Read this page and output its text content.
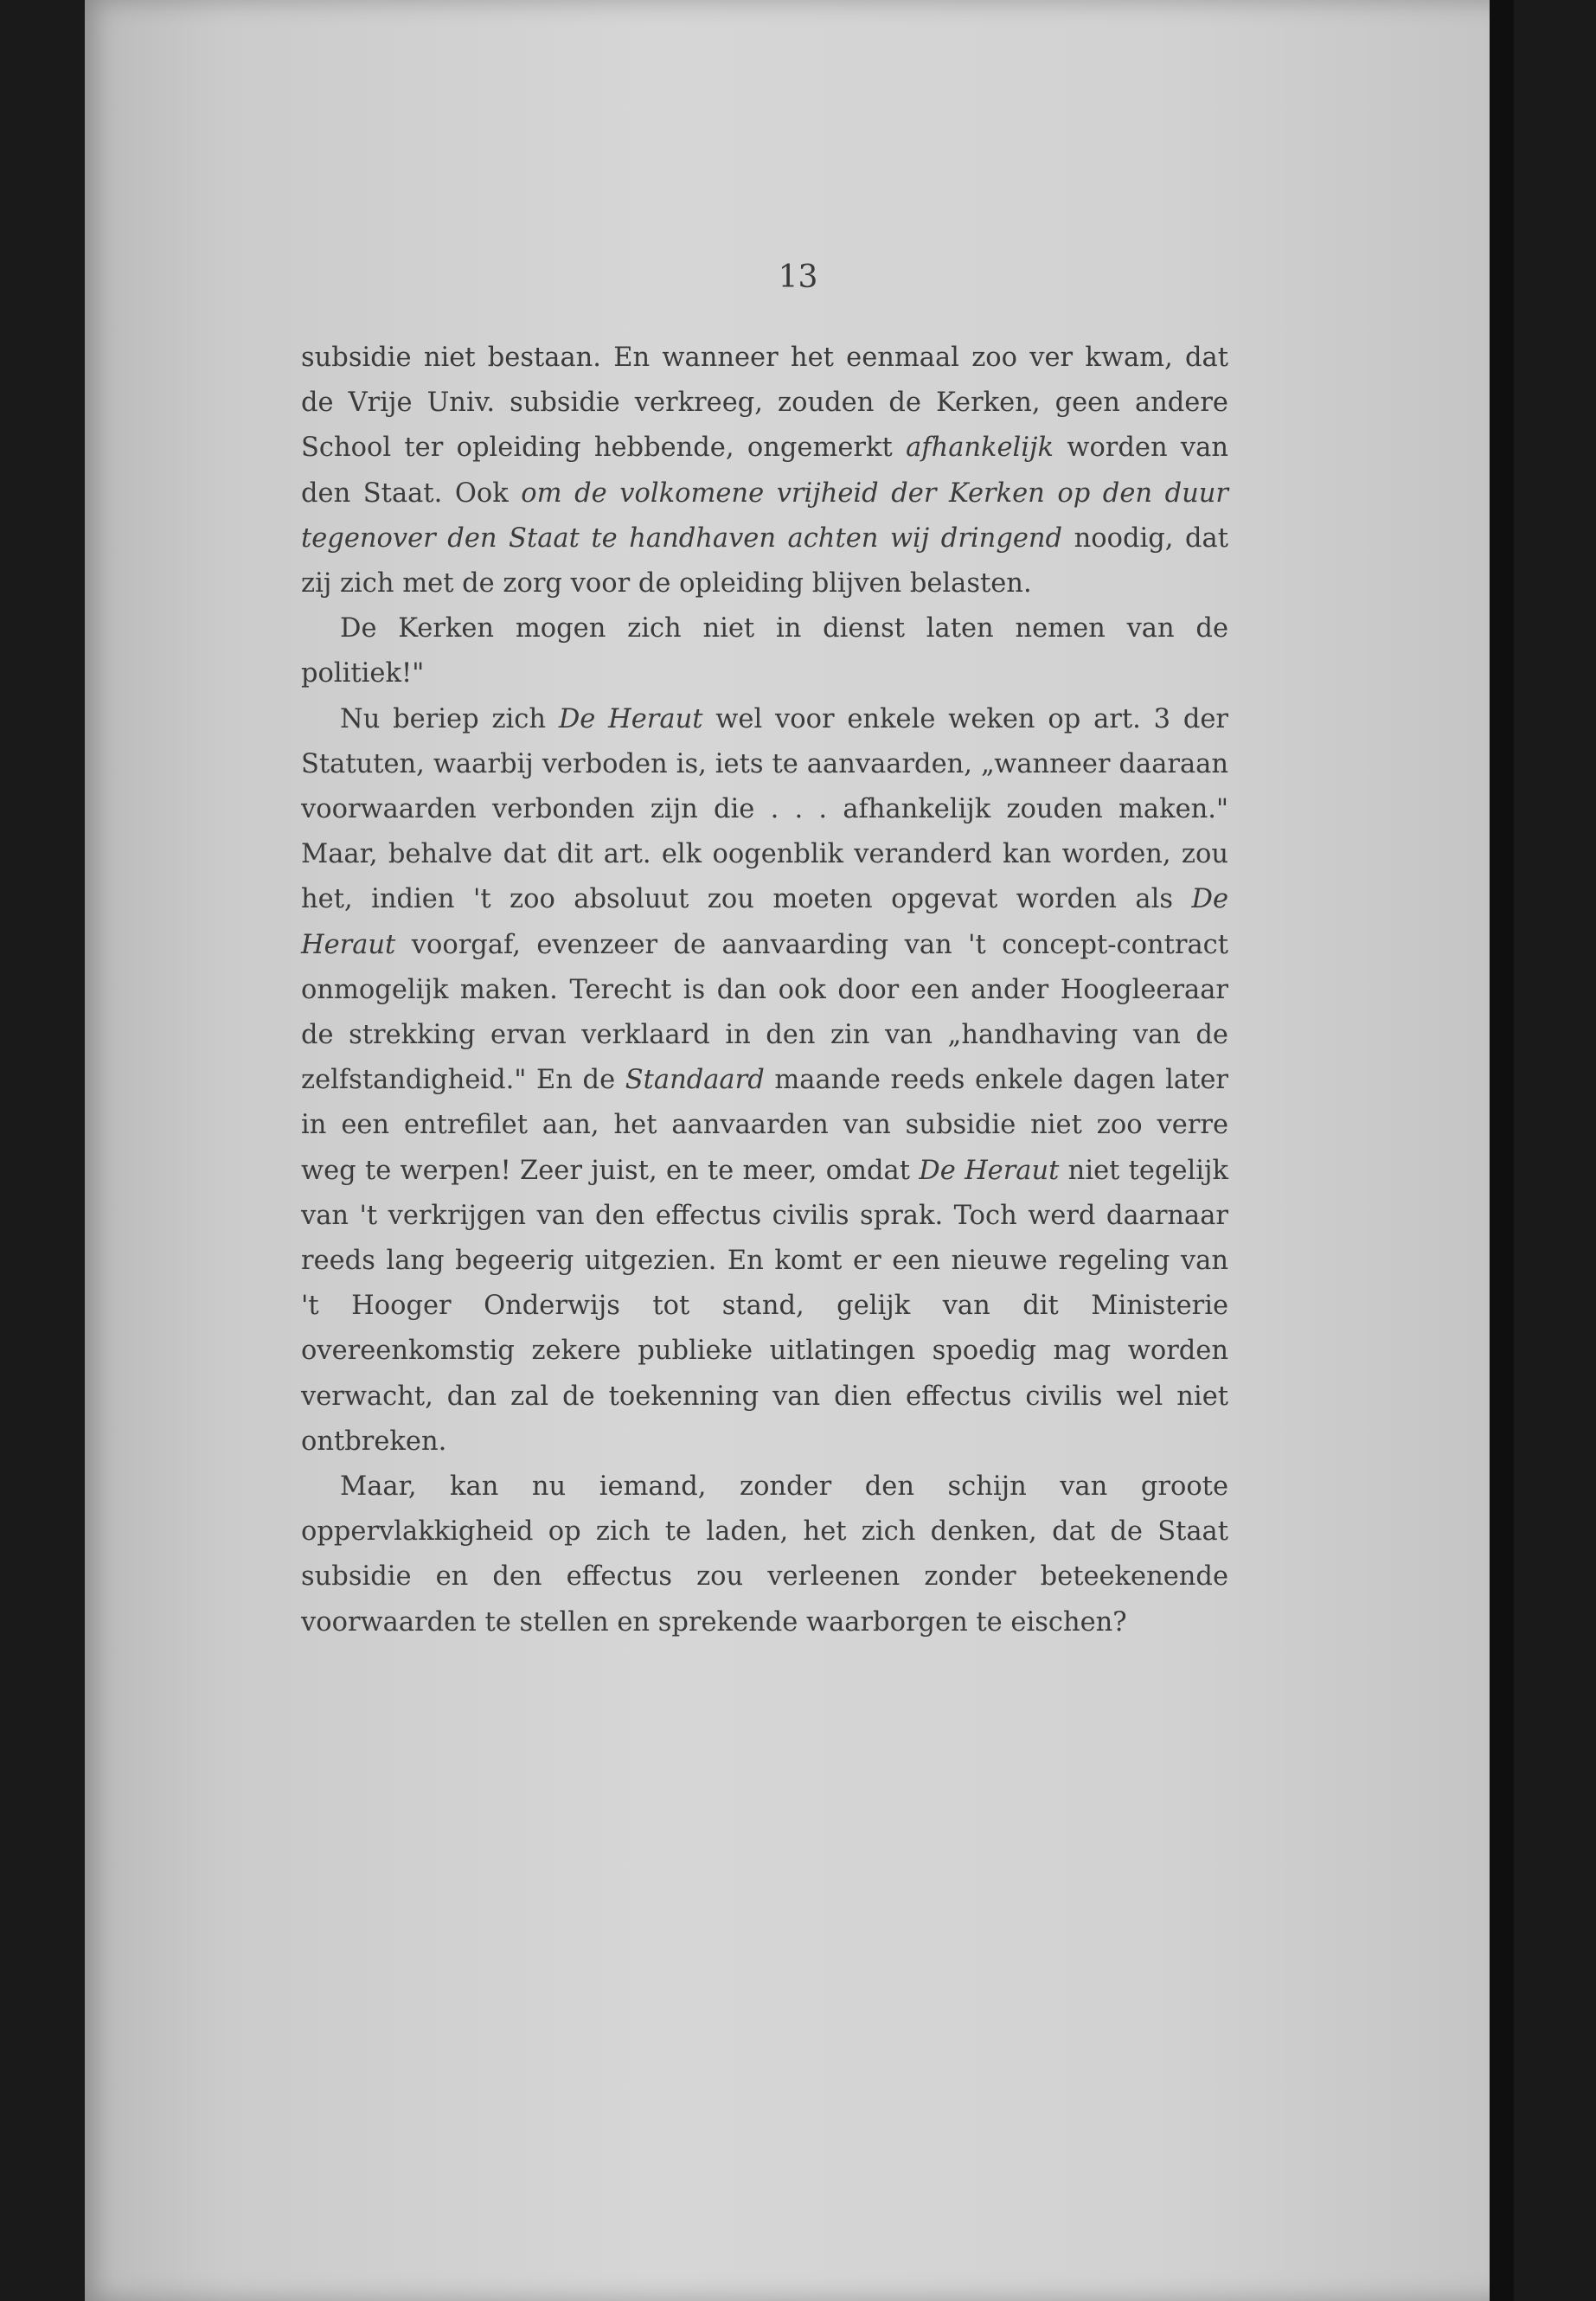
13

subsidie niet bestaan. En wanneer het eenmaal zoo ver kwam, dat de Vrije Univ. subsidie verkreeg, zouden de Kerken, geen andere School ter opleiding hebbende, ongemerkt afhankelijk worden van den Staat. Ook om de volkomene vrijheid der Kerken op den duur tegenover den Staat te handhaven achten wij dringend noodig, dat zij zich met de zorg voor de opleiding blijven belasten.

De Kerken mogen zich niet in dienst laten nemen van de politiek!"

Nu beriep zich De Heraut wel voor enkele weken op art. 3 der Statuten, waarbij verboden is, iets te aanvaarden, „wanneer daaraan voorwaarden verbonden zijn die . . . afhankelijk zouden maken." Maar, behalve dat dit art. elk oogenblik veranderd kan worden, zou het, indien 't zoo absoluut zou moeten opgevat worden als De Heraut voorgaf, evenzeer de aanvaarding van 't concept-contract onmogelijk maken. Terecht is dan ook door een ander Hoogleeraar de strekking ervan verklaard in den zin van „handhaving van de zelfstandigheid." En de Standaard maande reeds enkele dagen later in een entrefilet aan, het aanvaarden van subsidie niet zoo verre weg te werpen! Zeer juist, en te meer, omdat De Heraut niet tegelijk van 't verkrijgen van den effectus civilis sprak. Toch werd daarnaar reeds lang begeerig uitgezien. En komt er een nieuwe regeling van 't Hooger Onderwijs tot stand, gelijk van dit Ministerie overeenkomstig zekere publieke uitlatingen spoedig mag worden verwacht, dan zal de toekenning van dien effectus civilis wel niet ontbreken.

Maar, kan nu iemand, zonder den schijn van groote oppervlakkigheid op zich te laden, het zich denken, dat de Staat subsidie en den effectus zou verleenen zonder beteekenende voorwaarden te stellen en sprekende waarborgen te eischen?
